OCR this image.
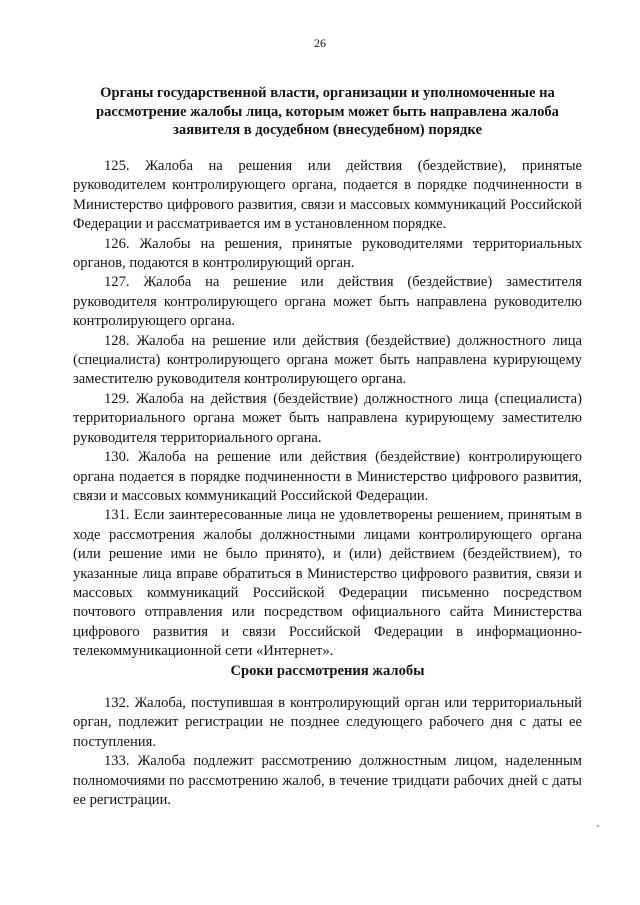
26
Органы государственной власти, организации и уполномоченные на
рассмотрение жалобы лица, которым может быть направлена жалоба
заявителя в досудебном (внесудебном) порядке

125. Жалоба на решения или действия (бездействие), принятые руководителем контролирующего органа, подается в порядке подчиненности в Министерство цифрового развития, связи и массовых коммуникаций Российской Федерации и рассматривается им в установленном порядке.

126. Жалобы на решения, принятые руководителями территориальных органов, подаются в контролирующий орган.

127. Жалоба на решение или действия (бездействие) заместителя руководителя контролирующего органа может быть направлена руководителю контролирующего органа.

128. Жалоба на решение или действия (бездействие) должностного лица (специалиста) контролирующего органа может быть направлена курирующему заместителю руководителя контролирующего органа.

129. Жалоба на действия (бездействие) должностного лица (специалиста) территориального органа может быть направлена курирующему заместителю руководителя территориального органа.

130. Жалоба на решение или действия (бездействие) контролирующего органа подается в порядке подчиненности в Министерство цифрового развития, связи и массовых коммуникаций Российской Федерации.

131. Если заинтересованные лица не удовлетворены решением, принятым в ходе рассмотрения жалобы должностными лицами контролирующего органа (или решение ими не было принято), и (или) действием (бездействием), то указанные лица вправе обратиться в Министерство цифрового развития, связи и массовых коммуникаций Российской Федерации письменно посредством почтового отправления или посредством официального сайта Министерства цифрового развития и связи Российской Федерации в информационно-телекоммуникационной сети «Интернет».

Сроки рассмотрения жалобы

132. Жалоба, поступившая в контролирующий орган или территориальный орган, подлежит регистрации не позднее следующего рабочего дня с даты ее поступления.

133. Жалоба подлежит рассмотрению должностным лицом, наделенным полномочиями по рассмотрению жалоб, в течение тридцати рабочих дней с даты ее регистрации.
